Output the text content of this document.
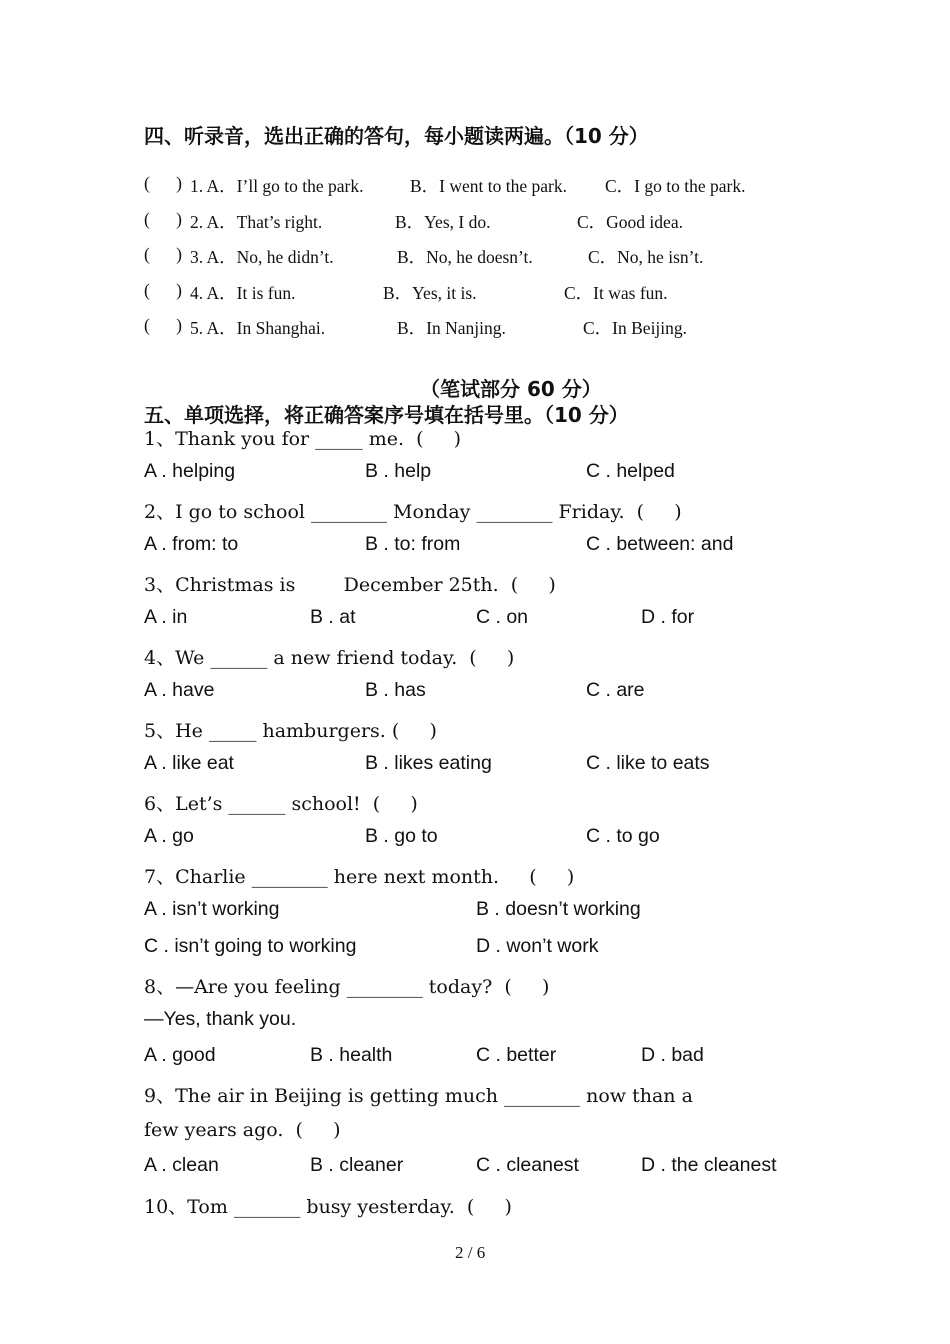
四、听录音，选出正确的答句，每小题读两遍。（10 分）
(      ) 1. A．I’ll go to the park.	B．I went to the park. C．I go to the park.
(      ) 2. A．That’s right.	B．Yes, I do.	C．Good idea.
(      ) 3. A．No, he didn’t.	B．No, he doesn’t.	C．No, he isn’t.
(      ) 4. A．It is fun.	B．Yes, it is.	C．It was fun.
(      ) 5. A．In Shanghai.	B．In Nanjing.	C．In Beijing.
（笔试部分 60 分）
五、单项选择，将正确答案序号填在括号里。（10 分）
1、Thank you for _____ me.  (     )
A . helping	B . help	C . helped
2、I go to school ________ Monday ________ Friday.  (     )
A . from: to	B . to: from	C . between: and
3、Christmas is        December 25th.  (     )
A . in	B . at	C . on	D . for
4、We ______ a new friend today.  (     )
A . have	B . has	C . are
5、He _____ hamburgers. (     )
A . like eat	B . likes eating	C . like to eats
6、Let’s ______ school!  (     )
A . go	B . go to	C . to go
7、Charlie ________ here next month.     (     )
A . isn’t working	B . doesn’t working
C . isn’t going to working	D . won’t work
8、—Are you feeling ________ today?  (     )
—Yes, thank you.
A . good	B . health	C . better	D . bad
9、The air in Beijing is getting much ________ now than a
few years ago.  (     )
A . clean	B . cleaner	C . cleanest	D . the cleanest
10、Tom _______ busy yesterday.  (     )
2 / 6
